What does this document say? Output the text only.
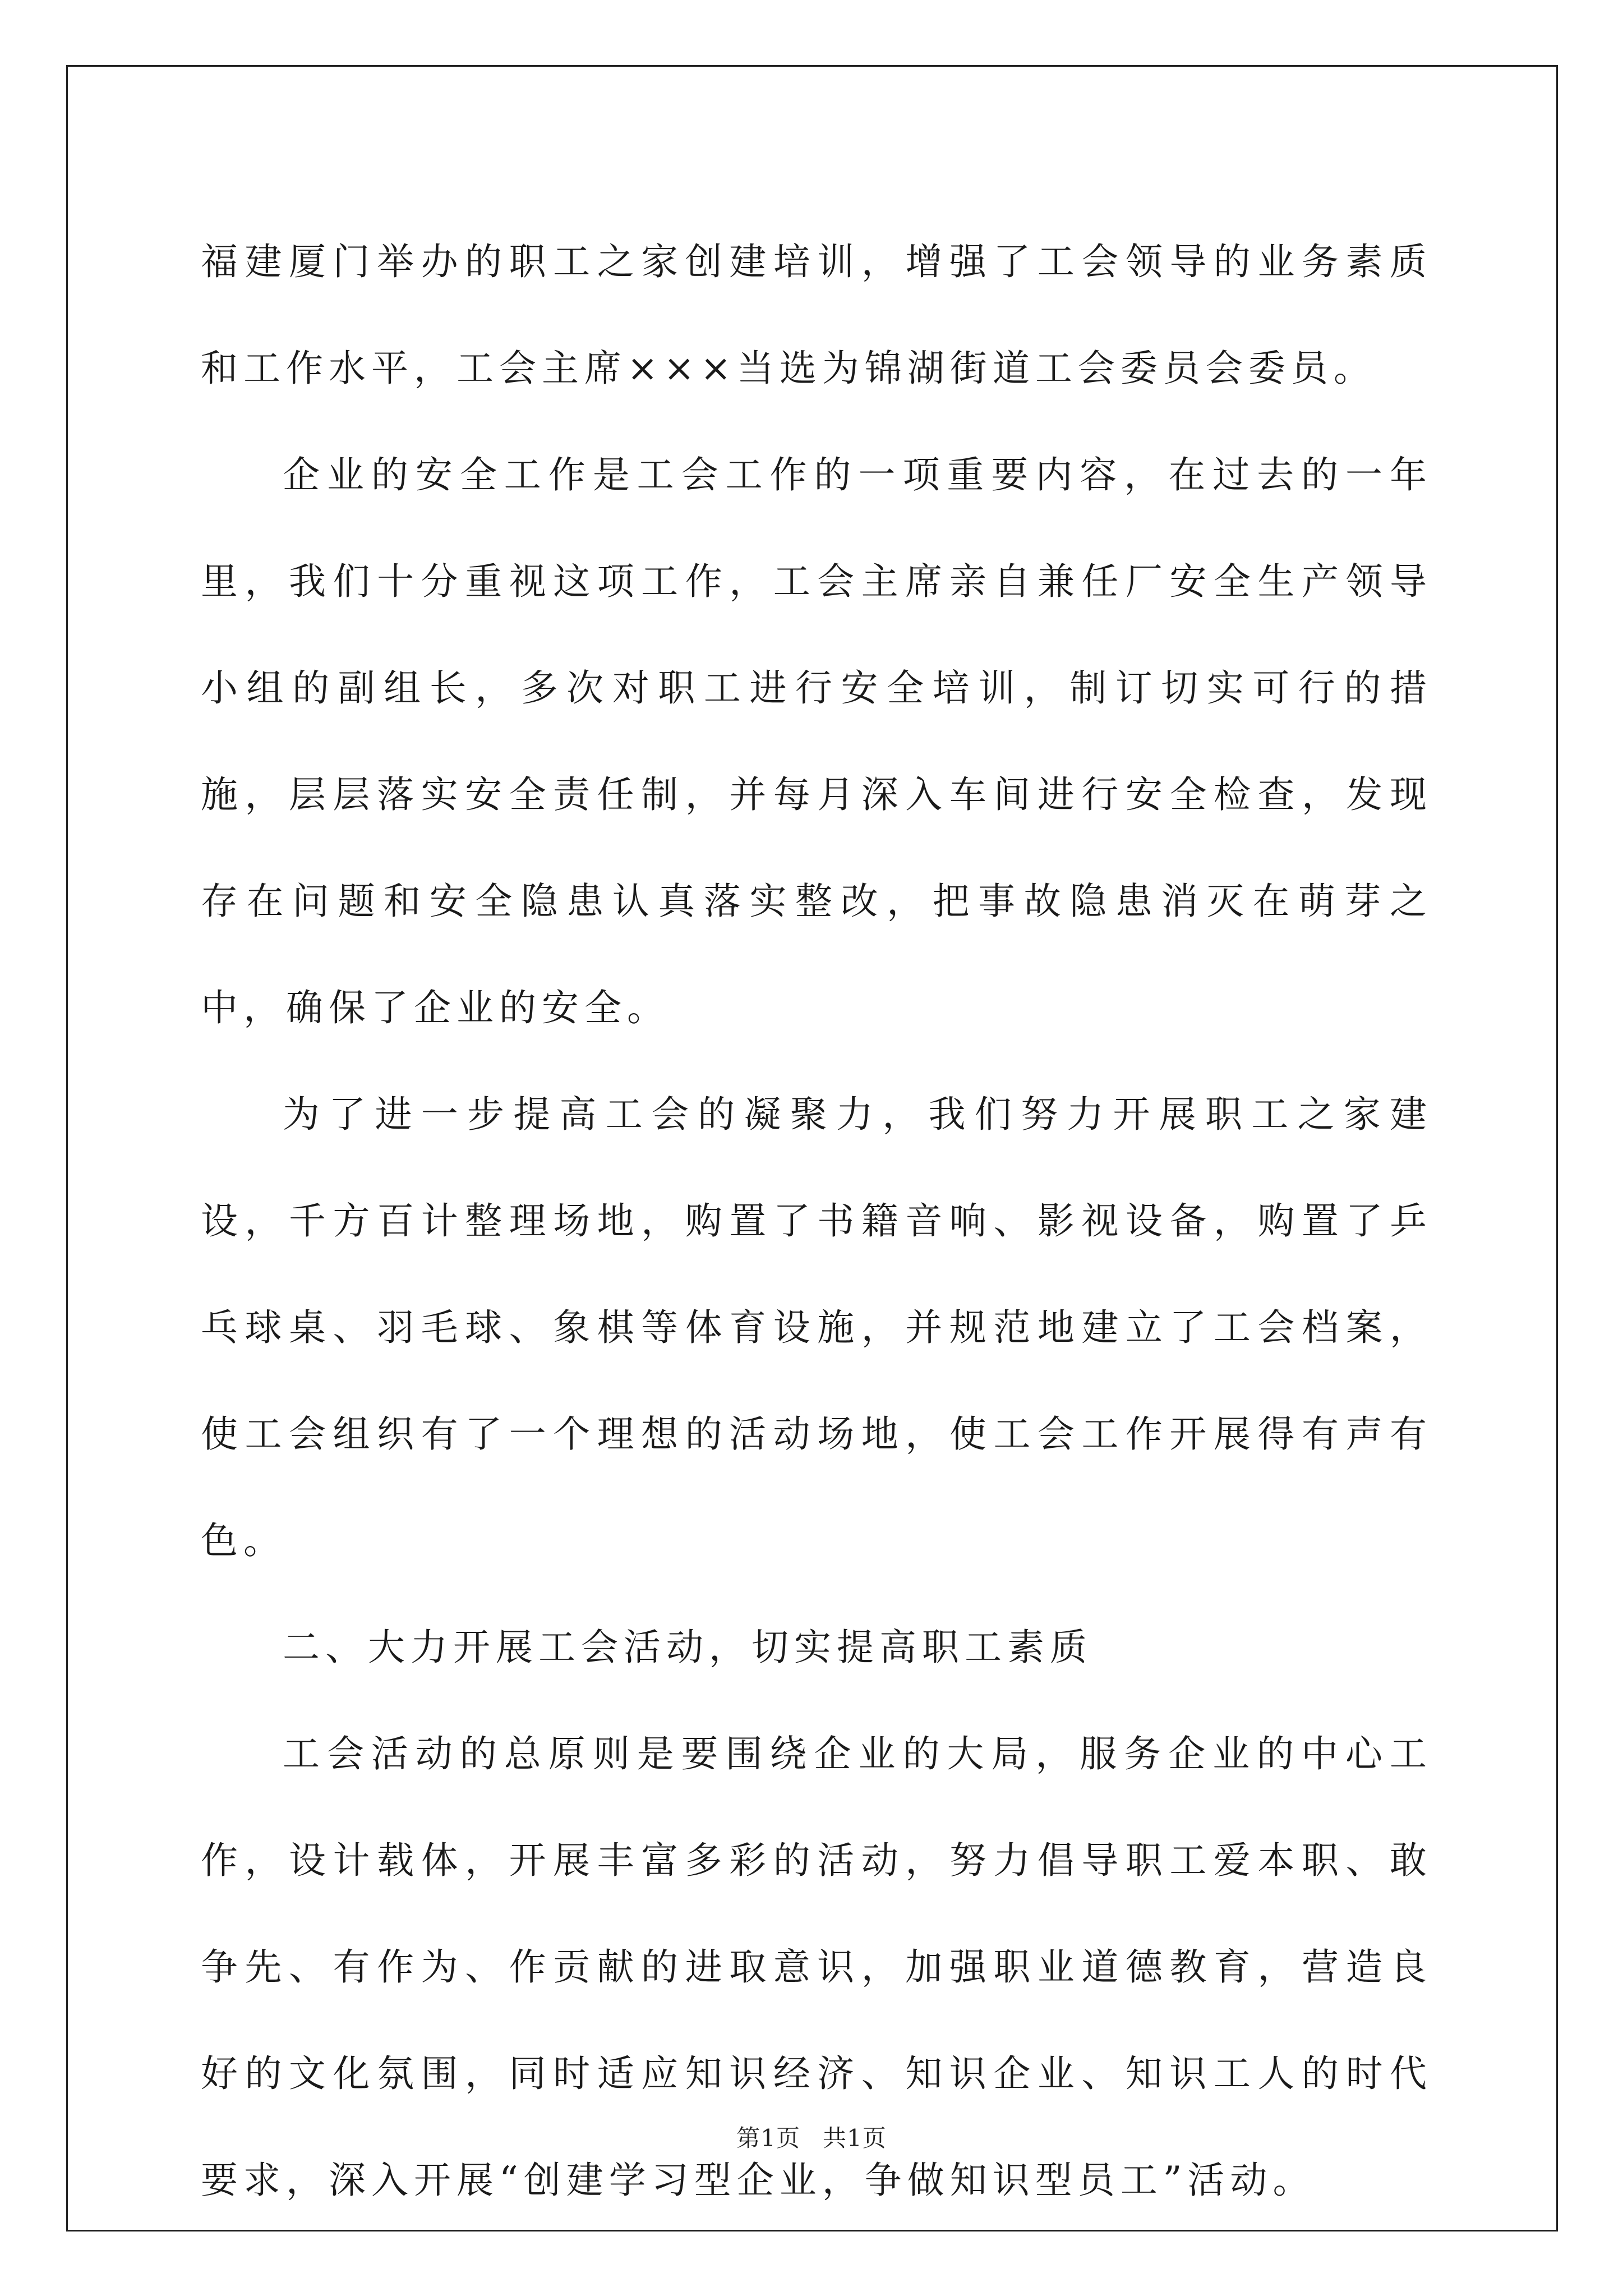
福建厦门举办的职工之家创建培训，增强了工会领导的业务素质和工作水平，工会主席×××当选为锦湖街道工会委员会委员。

企业的安全工作是工会工作的一项重要内容，在过去的一年里，我们十分重视这项工作，工会主席亲自兼任厂安全生产领导小组的副组长，多次对职工进行安全培训，制订切实可行的措施，层层落实安全责任制，并每月深入车间进行安全检查，发现存在问题和安全隐患认真落实整改，把事故隐患消灭在萌芽之中，确保了企业的安全。

为了进一步提高工会的凝聚力，我们努力开展职工之家建设，千方百计整理场地，购置了书籍音响、影视设备，购置了乒乓球桌、羽毛球、象棋等体育设施，并规范地建立了工会档案，使工会组织有了一个理想的活动场地，使工会工作开展得有声有色。

二、大力开展工会活动，切实提高职工素质

工会活动的总原则是要围绕企业的大局，服务企业的中心工作，设计载体，开展丰富多彩的活动，努力倡导职工爱本职、敢争先、有作为、作贡献的进取意识，加强职业道德教育，营造良好的文化氛围，同时适应知识经济、知识企业、知识工人的时代要求，深入开展“创建学习型企业，争做知识型员工”活动。

第1页 共1页
